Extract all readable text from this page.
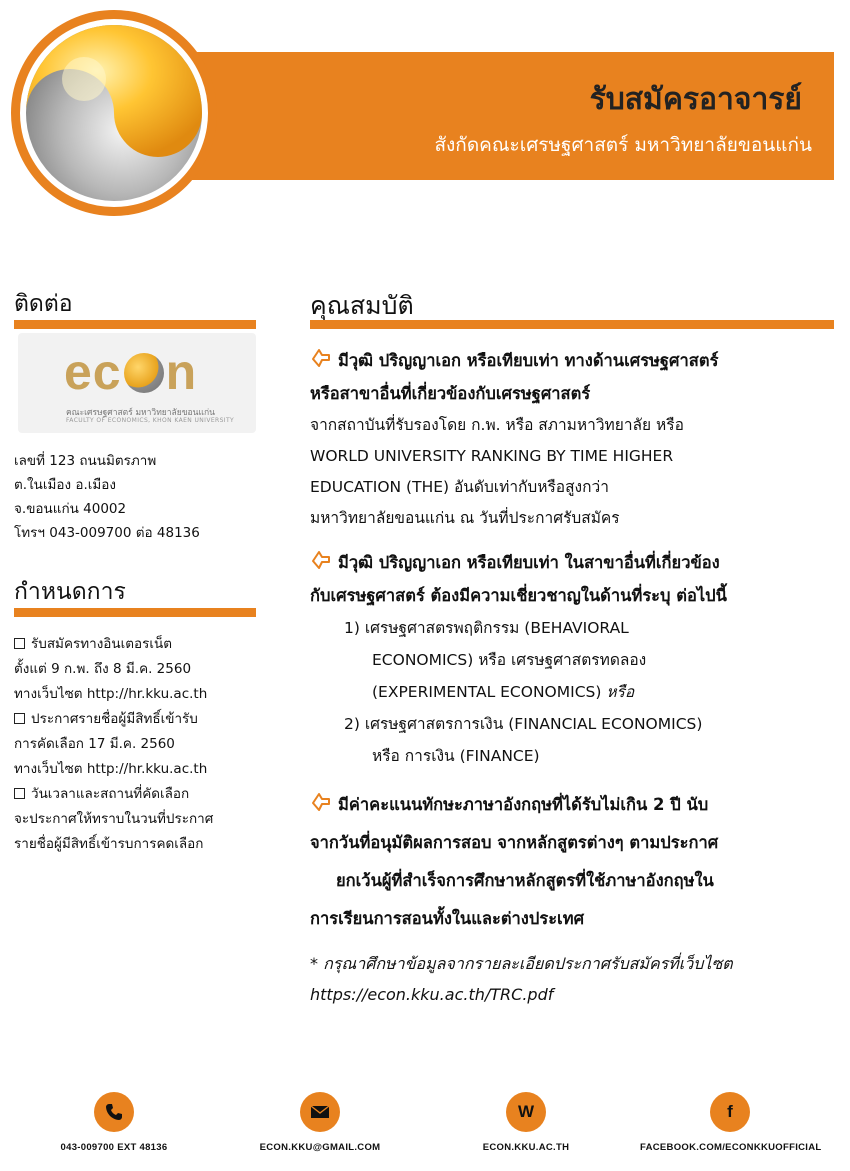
รับสมัครอาจารย์
สังกัดคณะเศรษฐศาสตร์ มหาวิทยาลัยขอนแก่น
ติดต่อ
ec n
คณะเศรษฐศาสตร์ มหาวิทยาลัยขอนแก่น
FACULTY OF ECONOMICS, KHON KAEN UNIVERSITY
เลขที่ 123 ถนนมิตรภาพ
ต.ในเมือง อ.เมือง
จ.ขอนแก่น 40002
โทรฯ 043-009700 ต่อ 48136
กำหนดการ
รับสมัครทางอินเตอรเน็ต
ตั้งแต่ 9 ก.พ. ถึง 8 มี.ค. 2560
ทางเว็บไซต http://hr.kku.ac.th
ประกาศรายชื่อผู้มีสิทธิ์เข้ารับ
การคัดเลือก 17 มี.ค. 2560
ทางเว็บไซต http://hr.kku.ac.th
วันเวลาและสถานที่คัดเลือก
จะประกาศให้ทราบในวนที่ประกาศ
รายชื่อผู้มีสิทธิ์เข้ารบการคดเลือก
คุณสมบัติ
มีวุฒิ ปริญญาเอก หรือเทียบเท่า ทางด้านเศรษฐศาสตร์
หรือสาขาอื่นที่เกี่ยวข้องกับเศรษฐศาสตร์
จากสถาบันที่รับรองโดย ก.พ. หรือ สภามหาวิทยาลัย หรือ
WORLD UNIVERSITY RANKING BY TIME HIGHER
EDUCATION (THE) อันดับเท่ากับหรือสูงกว่า
มหาวิทยาลัยขอนแก่น ณ วันที่ประกาศรับสมัคร
มีวุฒิ ปริญญาเอก หรือเทียบเท่า ในสาขาอื่นที่เกี่ยวข้อง
กับเศรษฐศาสตร์ ต้องมีความเชี่ยวชาญในด้านที่ระบุ ต่อไปนี้
1) เศรษฐศาสตรพฤติกรรม (BEHAVIORAL
ECONOMICS) หรือ เศรษฐศาสตรทดลอง
(EXPERIMENTAL ECONOMICS) หรือ
2) เศรษฐศาสตรการเงิน (FINANCIAL ECONOMICS)
หรือ การเงิน (FINANCE)
มีค่าคะแนนทักษะภาษาอังกฤษที่ได้รับไม่เกิน 2 ปี นับ
จากวันที่อนุมัติผลการสอบ จากหลักสูตรต่างๆ ตามประกาศ
ยกเว้นผู้ที่สำเร็จการศึกษาหลักสูตรที่ใช้ภาษาอังกฤษใน
การเรียนการสอนทั้งในและต่างประเทศ
* กรุณาศึกษาข้อมูลจากรายละเอียดประกาศรับสมัครที่เว็บไซต
https://econ.kku.ac.th/TRC.pdf
043-009700 EXT 48136	ECON.KKU@GMAIL.COM
W
ECON.KKU.AC.TH
f
FACEBOOK.COM/ECONKKUOFFICIAL
